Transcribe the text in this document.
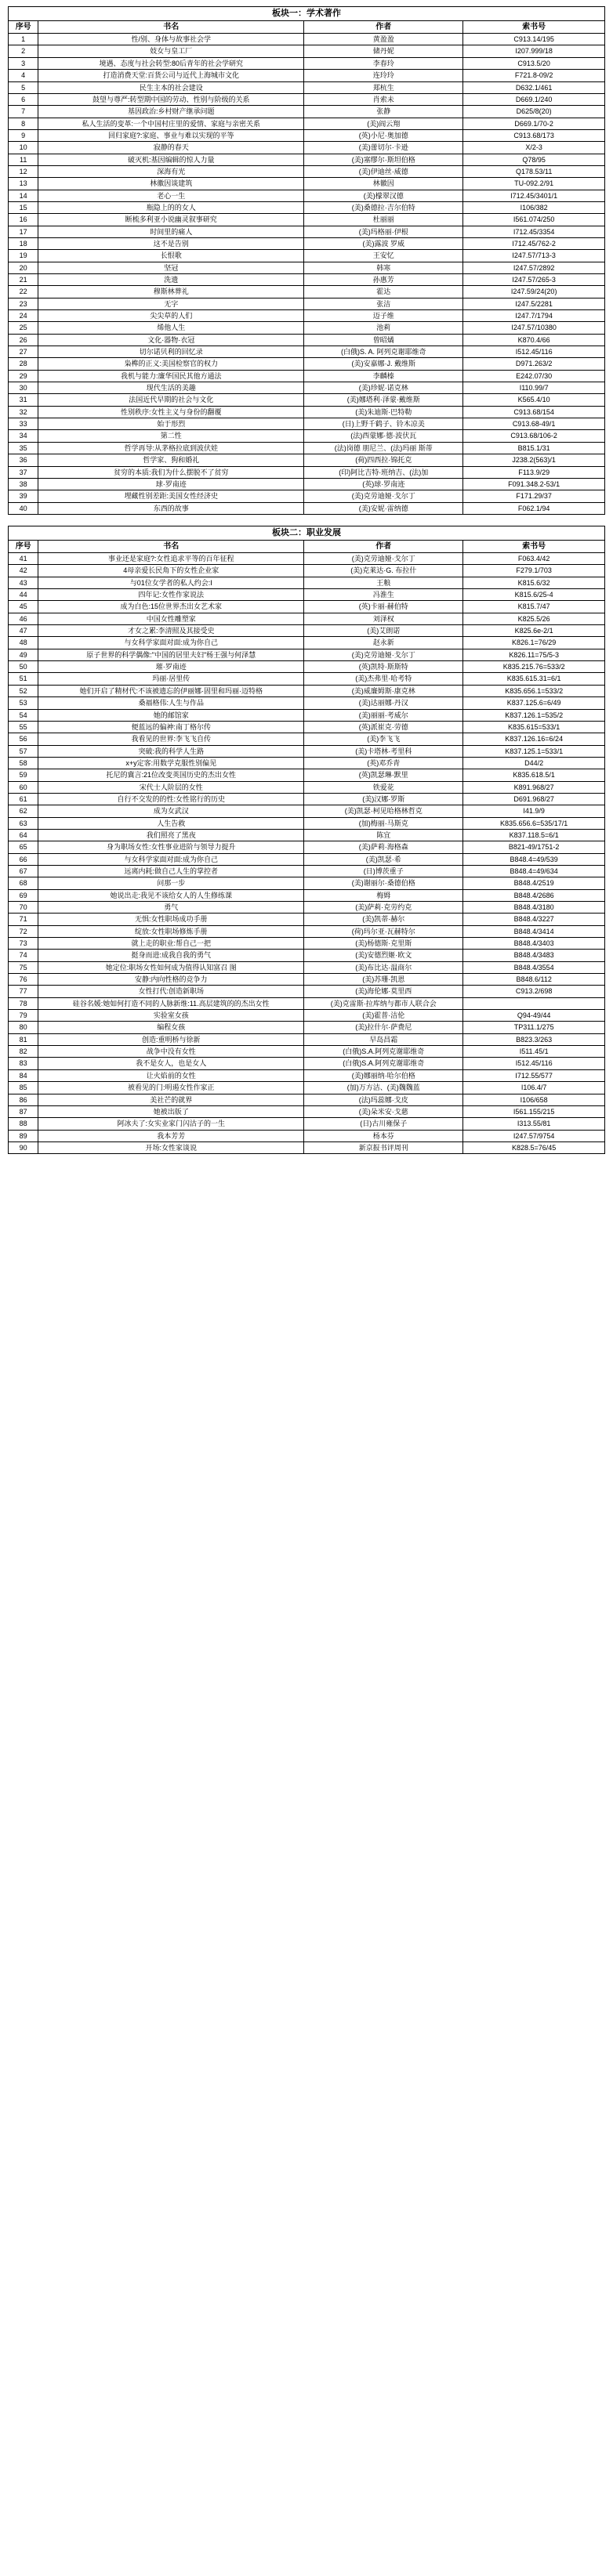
板块一：学术著作			
序号	书名	作者	索书号
1	性/别、身体与故事社会学	黄盈盈	C913.14/195
2	妓女与皇工厂	储丹妮	I207.999/18
3	境遇、态度与社会转型:80后青年的社会学研究	李春玲	C913.5/20
4	打造消费天堂:百货公司与近代上海城市文化	连玲玲	F721.8-09/2
5	民生主本的社会建设	郑杭生	D632.1/461
6	鼓望与尊严:转型期中国的劳动、性别与阶级的关系	肖索未	D669.1/240
7	基因政治:乡村财产继承问题	张静	D625/8(20)
8	私人生活的变革:一个中国村庄里的爱情、家庭与亲密关系	(美)阎云翔	D669.1/70-2
9	回归家庭?:家庭、事业与难以实现的平等	(英)小尼·奥加德	C913.68/173
10	寂静的春天	(美)蕾切尔·卡逊	X/2-3
11	破灭机:基因编辑的惊人力量	(美)塞缪尔·斯坦伯格	Q78/95
12	深海有光	(美)伊迪丝·威德	Q178.53/11
13	林徽因谈建筑	林徽因	TU-092.2/91
14	老心一生	(美)檬翠汉德	I712.45/3401/1
15	瓶隐上的的女人	(美)桑德拉·吉尔伯特	I106/382
16	断梳多利亚小说幽灵叙事研究	杜丽丽	I561.074/250
17	时间里的痛人	(美)玛格丽·伊根	I712.45/3354
18	这不是告别	(美)露波 罗威	I712.45/762-2
19	长恨歌	王安忆	I247.57/713-3
20	坚冠	韩寒	I247.57/2892
21	洗遗	孙惠芳	I247.57/265-3
22	穆斯林葬礼	霍达	I247.59/24(20)
23	无字	张洁	I247.5/2281
24	尖尖草的人们	迈子维	I247.7/1794
25	烯他人生	池莉	I247.57/10380
26	文化·器物·衣冠	曾昭燏	K870.4/66
27	切尔诺贝利的回忆录	(白俄)S. A. 阿列克谢耶维奇	I512.45/116
28	枭榫的正义:美国检察官的权力	(美)安嘉娜·J. 戴维斯	D971.263/2
29	我机与能力:廉华国民其他方通法	李麟榛	E242.07/30
30	现代生活的美趣	(美)珍妮·诺克林	I110.99/7
31	法国近代早期的社会与文化	(美)娜塔利·泽蒙·戴维斯	K565.4/10
32	性别秩序:女性主义与身份的翻覆	(美)朱迪斯·巴特勒	C913.68/154
33	始于形烈	(日)上野千鹤子、铃木凉美	C913.68-49/1
34	第二性	(法)西蒙娜·德·波伏瓦	C913.68/106-2
35	哲学再导:从茅格拉底到波伏娃	(法)岗德 朋尼兰、(法)玛丽 斯蒂	B815.1/31
36	哲学家、狗和婚礼	(荷)四西拉·锦托克	J238.2(563)/1
37	贫穷的本质:我们为什么摆脱不了贫穷	(印)阿比吉特·班纳吉、(法)加	F113.9/29
38	球·罗南迹	(英)球·罗南迹	F091.348.2-53/1
39	埋藏性别差距:美国女性经济史	(美)克劳迪娅·戈尔丁	F171.29/37
40	东西的故事	(美)安妮·雷纳德	F062.1/94
板块二：职业发展			
序号	书名	作者	索书号
41	事业还是家庭?:女性追求平等的百年征程	(美)克劳迪娅·戈尔丁	F063.4/42
42	4母亲爱长民角下的女性企业家	(美)克莱达·G. 布拉什	F279.1/703
43	与01位女学者的私人约会:I	王粮	K815.6/32
44	四年记:女性作家说法	冯淮生	K815.6/25-4
45	成为白色:15位世界杰出女艺术家	(英)卡丽·赫伯特	K815.7/47
46	中国女性雕塑家	刘泽权	K825.5/26
47	才女之累:李清照及其接受史	(美)艾朗诺	K825.6e-2/1
48	与女科学家面对面:成为你自己	赵永新	K826.1=76/29
49	原子世界的科学偶像:"中国的居里夫妇"杨王强与何泽慧	(美)克劳迪娅·戈尔丁	K826.11=75/5-3
50	璀·罗南迹	(英)凯特·斯斯特	K835.215.76=533/2
51	玛丽·居里传	(美)杰弗里·哈考特	K835.615.31=6/1
52	她们开启了精材代:不该被遗忘的伊丽娜·固里和玛丽·迈特格	(美)威廉姆斯·康克林	K835.656.1=533/2
53	桑福格伟:人生与作品	(美)达丽娜·丹汉	K837.125.6=6/49
54	她的邮馆家	(美)丽丽·考威尔	K837.126.1=535/2
55	便蓝远的偏神:南丁格尔传	(英)派崔克·劳德	K835.615=533/1
56	我看见的世界:李飞飞自传	(美)李飞飞	K837.126.16=6/24
57	突破:我的科学人生路	(美)卡塔林·考里科	K837.125.1=533/1
58	x+y定客:用数学克服性别偏见	(英)邓乔青	D44/2
59	托尼的冀言:21位改变英国历史的杰出女性	(英)凯瑟琳·默里	K835.618.5/1
60	宋代士人阶层的女性	铁爱花	K891.968/27
61	自行不交发的的性:女性铭行的历史	(美)汉娜·罗斯	D691.968/27
62	成为女武汉	(美)凯瑟·柯见哈格林哲克	I41.9/9
63	人生告救	(加)梅丽·马斯克	K835.656.6=535/17/1
64	我们照亮了黑夜	陈宜	K837.118.5=6/1
65	身为职场女性:女性事业进阶与领导力提升	(美)萨莉·海格森	B821-49/1751-2
66	与女科学家面对面:成为你自己	(美)凯瑟·希	B848.4=49/539
67	远离内耗:做自己人生的掌控者	(日)博茨重子	B848.4=49/634
68	问那一步	(美)谢丽尔·桑德伯格	B848.4/2519
69	她说出走:我见不该给女人的人生修练课	梅姆	B848.4/2686
70	勇气	(美)萨莉·克劳约克	B848.4/3180
71	无惧:女性职场成功手册	(美)凯蒂·赫尔	B848.4/3227
72	绽放:女性职场修炼手册	(荷)玛尔亚·瓦赫特尔	B848.4/3414
73	就上走的职业:帮自己一把	(美)杨德斯·克里斯	B848.4/3403
74	挺身而进:成我自我的勇气	(美)安德烈姬·欧文	B848.4/3483
75	她定位:职场女性如何成为值得认知富召 图	(美)布比达·温商尔	B848.4/3554
76	安静:内向性格的竞争力	(美)苏珊·凯恩	B848.6/112
77	女性打代:创造新职场	(美)海伦娜·莫里西	C913.2/698
78	硅谷名媛:她如何打造不同的人脉新维:11.高层建筑的的杰出女性	(美)克雷斯·拉库纳与都市人联合会	
79	实验室女孩	(美)霍普·洁伦	Q94-49/44
80	编程女孩	(美)拉什尔·萨费尼	TP311.1/275
81	创造:重明桥与徐新	早岛昌霜	B823.3/263
82	战争中没有女性	(白俄)S.A.阿列克谢耶维奇	I511.45/1
83	我不是女人，也是女人	(白俄)S.A.阿列克谢耶维奇	I512.45/116
84	让火焰前的女性	(美)娜丽纳·哈尔伯格	I712.55/577
85	被看见的门:明遏女性作家正	(加)万方洁、(美)魏魏蓝	I106.4/7
86	美社芒的就界	(法)玛蕊娜·戈皮	I106/658
87	她被出版了	(美)朵米安·戈慈	I561.155/215
88	阿冰夫了:女实业家门闪沽子的一生	(日)古川雍保子	I313.55/81
89	我本芳芳	杨本芬	I247.57/9754
90	开场:女性家谈说	新京报书评周刊	K828.5=76/45
